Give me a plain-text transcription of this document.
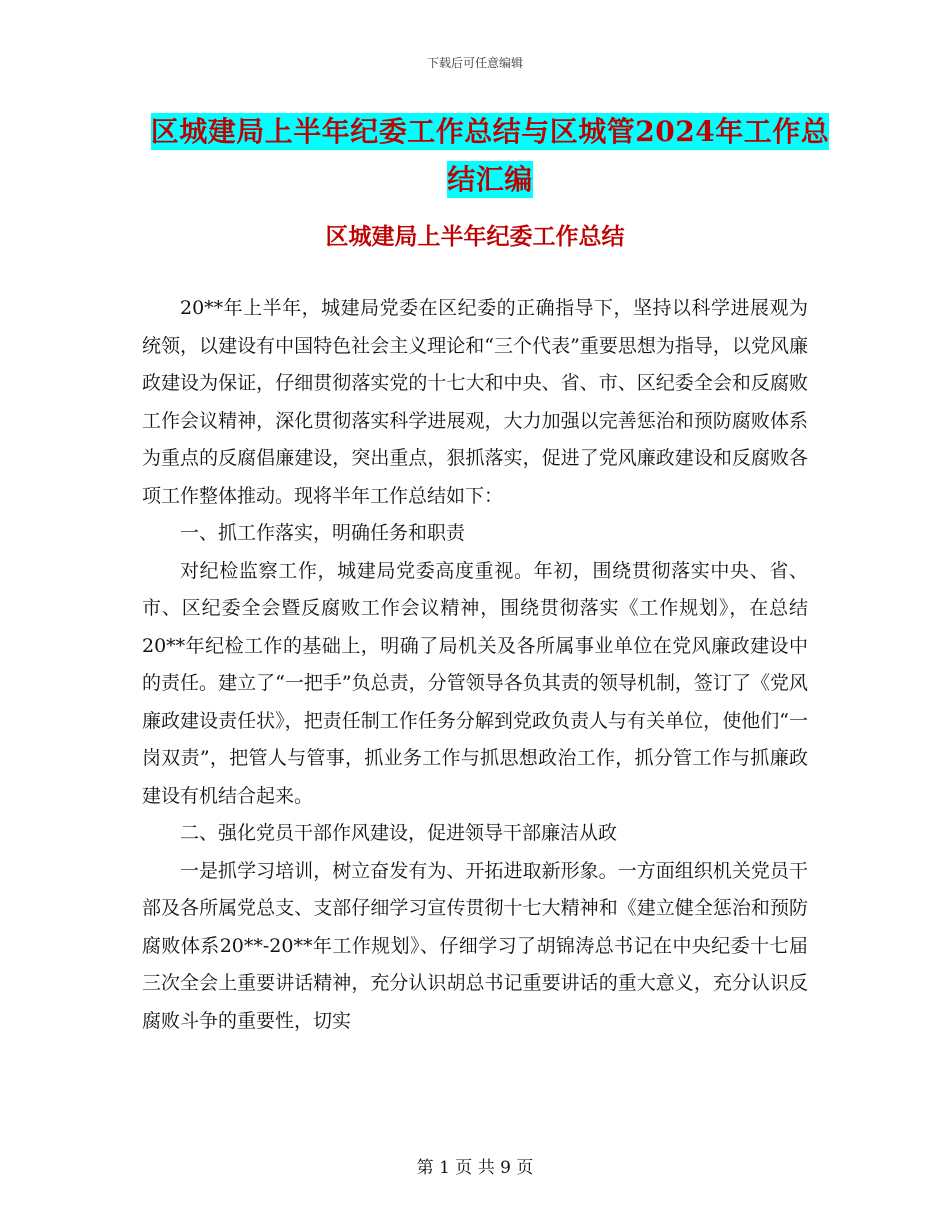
下载后可任意编辑
区城建局上半年纪委工作总结与区城管2024年工作总结汇编
区城建局上半年纪委工作总结

20**年上半年，城建局党委在区纪委的正确指导下，坚持以科学进展观为统领，以建设有中国特色社会主义理论和“三个代表”重要思想为指导，以党风廉政建设为保证，仔细贯彻落实党的十七大和中央、省、市、区纪委全会和反腐败工作会议精神，深化贯彻落实科学进展观，大力加强以完善惩治和预防腐败体系为重点的反腐倡廉建设，突出重点，狠抓落实，促进了党风廉政建设和反腐败各项工作整体推动。现将半年工作总结如下：

一、抓工作落实，明确任务和职责

对纪检监察工作，城建局党委高度重视。年初，围绕贯彻落实中央、省、市、区纪委全会暨反腐败工作会议精神，围绕贯彻落实《工作规划》，在总结20**年纪检工作的基础上，明确了局机关及各所属事业单位在党风廉政建设中的责任。建立了“一把手”负总责，分管领导各负其责的领导机制，签订了《党风廉政建设责任状》，把责任制工作任务分解到党政负责人与有关单位，使他们“一岗双责”，把管人与管事，抓业务工作与抓思想政治工作，抓分管工作与抓廉政建设有机结合起来。

二、强化党员干部作风建设，促进领导干部廉洁从政

一是抓学习培训，树立奋发有为、开拓进取新形象。一方面组织机关党员干部及各所属党总支、支部仔细学习宣传贯彻十七大精神和《建立健全惩治和预防腐败体系20**-20**年工作规划》、仔细学习了胡锦涛总书记在中央纪委十七届三次全会上重要讲话精神，充分认识胡总书记重要讲话的重大意义，充分认识反腐败斗争的重要性，切实

第 1 页 共 9 页
